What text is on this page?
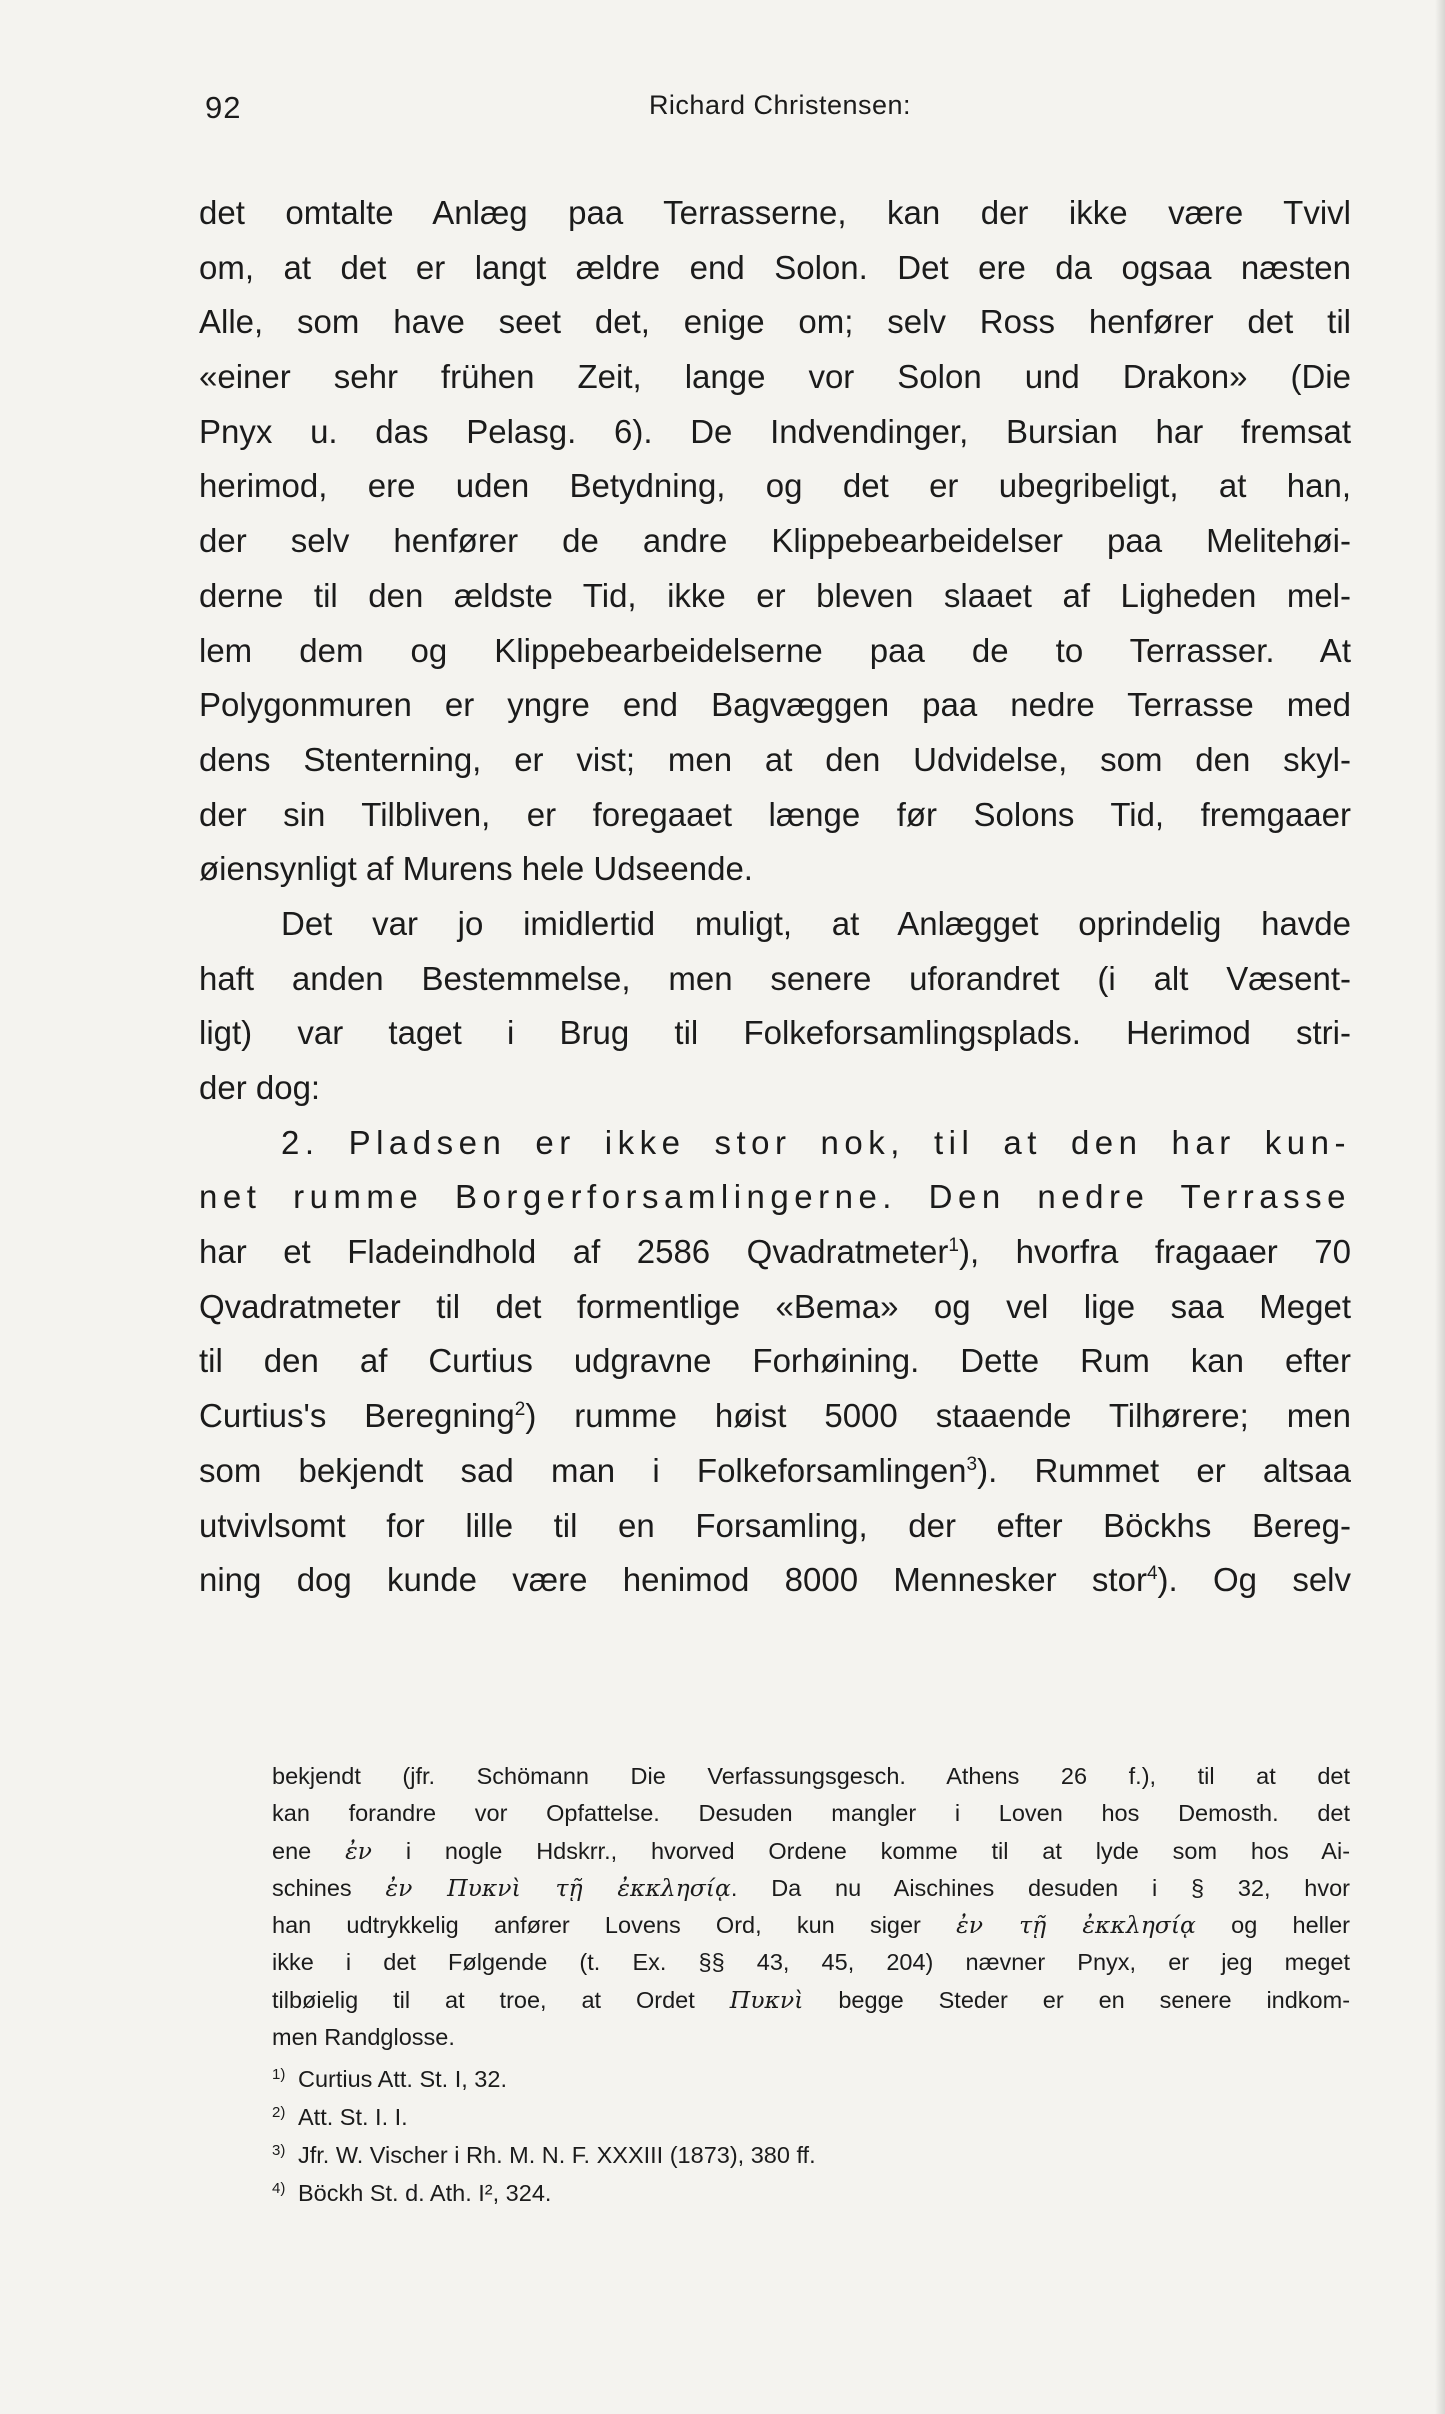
92	Richard Christensen:
det omtalte Anlæg paa Terrasserne, kan der ikke være Tvivl
om, at det er langt ældre end Solon. Det ere da ogsaa næsten
Alle, som have seet det, enige om; selv Ross henfører det til
«einer sehr frühen Zeit, lange vor Solon und Drakon» (Die
Pnyx u. das Pelasg. 6). De Indvendinger, Bursian har fremsat
herimod, ere uden Betydning, og det er ubegribeligt, at han,
der selv henfører de andre Klippebearbeidelser paa Melitehøi-
derne til den ældste Tid, ikke er bleven slaaet af Ligheden mel-
lem dem og Klippebearbeidelserne paa de to Terrasser. At
Polygonmuren er yngre end Bagvæggen paa nedre Terrasse med
dens Stenterning, er vist; men at den Udvidelse, som den skyl-
der sin Tilbliven, er foregaaet længe før Solons Tid, fremgaaer
øiensynligt af Murens hele Udseende.
Det var jo imidlertid muligt, at Anlægget oprindelig havde
haft anden Bestemmelse, men senere uforandret (i alt Væsent-
ligt) var taget i Brug til Folkeforsamlingsplads. Herimod stri-
der dog:
2. Pladsen er ikke stor nok, til at den har kun-
net rumme Borgerforsamlingerne. Den nedre Terrasse
har et Fladeindhold af 2586 Qvadratmeter$^1$), hvorfra fragaaer 70
Qvadratmeter til det formentlige «Bema» og vel lige saa Meget
til den af Curtius udgravne Forhøining. Dette Rum kan efter
Curtius's Beregning$^2$) rumme høist 5000 staaende Tilhørere; men
som bekjendt sad man i Folkeforsamlingen$^3$). Rummet er altsaa
utvivlsomt for lille til en Forsamling, der efter Böckhs Bereg-
ning dog kunde være henimod 8000 Mennesker stor$^4$). Og selv
bekjendt (jfr. Schömann Die Verfassungsgesch. Athens 26 f.), til at det
kan forandre vor Opfattelse. Desuden mangler i Loven hos Demosth. det
ene ἐν i nogle Hdskrr., hvorved Ordene komme til at lyde som hos Ai-
schines ἐν Πυκνὶ τῇ ἐκκλησίᾳ. Da nu Aischines desuden i § 32, hvor
han udtrykkelig anfører Lovens Ord, kun siger ἐν τῇ ἐκκλησίᾳ og heller
ikke i det Følgende (t. Ex. §§ 43, 45, 204) nævner Pnyx, er jeg meget
tilbøielig til at troe, at Ordet Πυκνὶ begge Steder er en senere indkom-
men Randglosse.
1) Curtius Att. St. I, 32.
2) Att. St. I. I.
3) Jfr. W. Vischer i Rh. M. N. F. XXXIII (1873), 380 ff.
4) Böckh St. d. Ath. I², 324.
